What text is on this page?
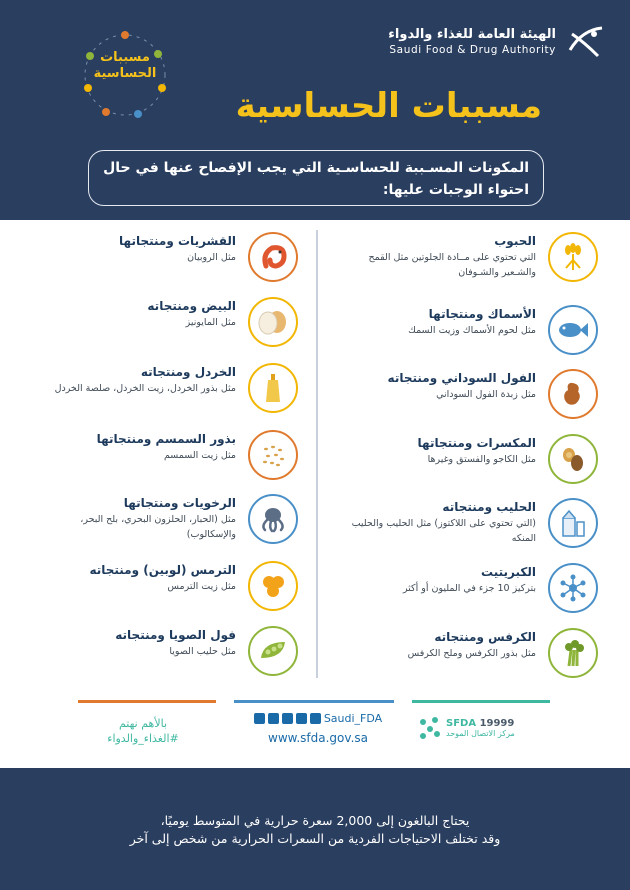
الهيئة العامة للغذاء والدواء
Saudi Food & Drug Authority
مسببات الحساسية
مسببات الحساسية
المكونات المسـببة للحساسـية التي يجب الإفصاح عنها في حال احتواء الوجبات عليها:
الحبوب
التي تحتوي على مــادة الجلوتين مثل القمح والشـعير والشـوفان
الأسماك ومنتجاتها
مثل لحوم الأسماك وزيت السمك
الفول السوداني ومنتجاته
مثل زبدة الفول السوداني
المكسرات ومنتجاتها
مثل الكاجو والفستق وغيرها
الحليب ومنتجاته
(التي تحتوي على اللاكتوز) مثل الحليب والحليب المنكه
الكبريتيت
بتركيز 10 جزء في المليون أو أكثر
الكرفس ومنتجاته
مثل بذور الكرفس وملح الكرفس
القشريات ومنتجاتها
مثل الروبيان
البيض ومنتجاته
مثل المايونيز
الخردل ومنتجاته
مثل بذور الخردل، زيت الخردل، صلصة الخردل
بذور السمسم ومنتجاتها
مثل زيت السمسم
الرخويات ومنتجاتها
مثل (الحبار، الحلزون البحري، بلح البحر، والإسكالوب)
الترمس (لوبين) ومنتجاته
مثل زيت الترمس
فول الصويا ومنتجاته
مثل حليب الصويا
بالأهم نهتم
#الغذاء_والدواء
Saudi_FDA
www.sfda.gov.sa
SFDA 19999
مركز الاتصال الموحد
يحتاج البالغون إلى 2,000 سعرة حرارية في المتوسط يوميًا،
وقد تختلف الاحتياجات الفردية من السعرات الحرارية من شخص إلى آخر
